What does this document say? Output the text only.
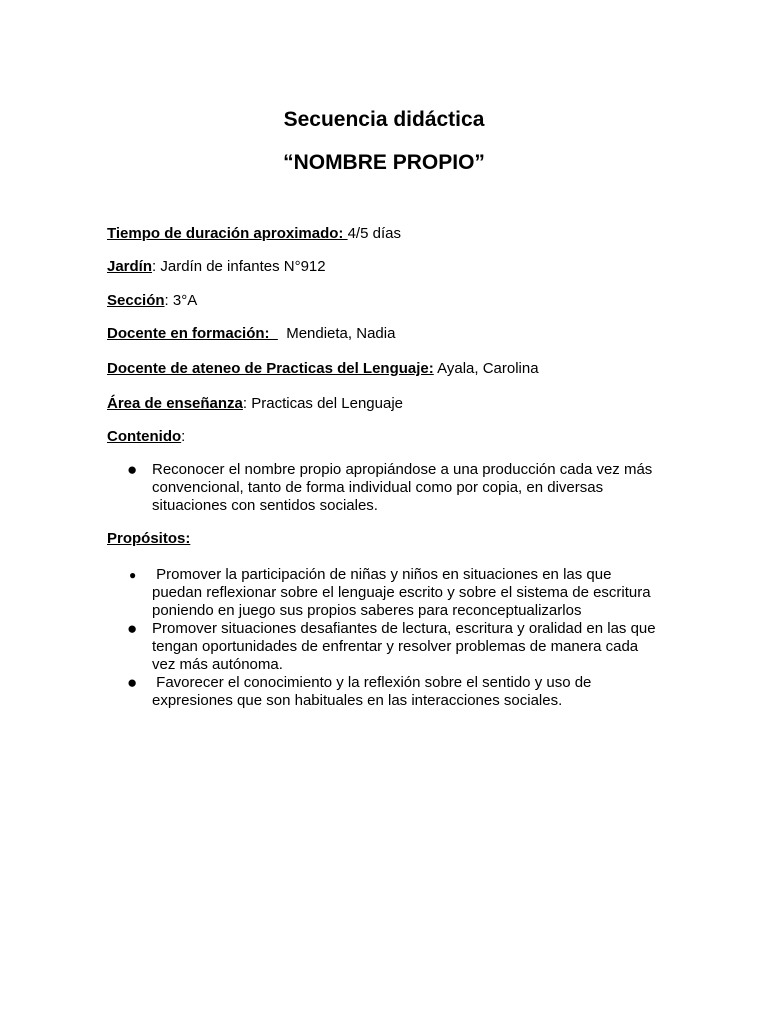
Secuencia didáctica
“NOMBRE PROPIO”
Tiempo de duración aproximado: 4/5 días
Jardín: Jardín de infantes N°912
Sección: 3°A
Docente en formación:    Mendieta, Nadia
Docente de ateneo de Practicas del Lenguaje: Ayala, Carolina
Área de enseñanza: Practicas del Lenguaje
Contenido:
● Reconocer el nombre propio apropiándose a una producción cada vez más
convencional, tanto de forma individual como por copia, en diversas
situaciones con sentidos sociales.
Propósitos:
●	Promover la participación de niñas y niños en situaciones en las que
puedan reflexionar sobre el lenguaje escrito y sobre el sistema de escritura
poniendo en juego sus propios saberes para reconceptualizarlos
● Promover situaciones desafiantes de lectura, escritura y oralidad en las que
tengan oportunidades de enfrentar y resolver problemas de manera cada
vez más autónoma.
●	Favorecer el conocimiento y la reflexión sobre el sentido y uso de
expresiones que son habituales en las interacciones sociales.
